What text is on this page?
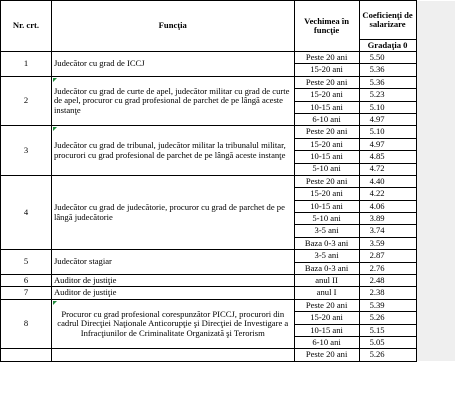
Nr. crt.	Funcţia	Vechimea în funcţie	Coeficienţi de salarizare	
			Gradaţia 0	
1	Judecător cu grad de ICCJ	Peste 20 ani	5.50	
		15-20 ani	5.36	
2	Judecător cu grad de curte de apel, judecător militar cu grad de curte de apel, procuror cu grad profesional de parchet de pe lângă aceste instanţe	Peste 20 ani	5.36	
		15-20 ani	5.23	
		10-15 ani	5.10	
		6-10 ani	4.97	
3	Judecător cu grad de tribunal, judecător militar la tribunalul militar, procurori cu grad profesional de parchet de pe lângă aceste instanţe	Peste 20 ani	5.10	
		15-20 ani	4.97	
		10-15 ani	4.85	
		5-10 ani	4.72	
4	Judecător cu grad de judecătorie, procuror cu grad de parchet de pe lângă judecătorie	Peste 20 ani	4.40	
		15-20 ani	4.22	
		10-15 ani	4.06	
		5-10 ani	3.89	
		3-5 ani	3.74	
		Baza 0-3 ani	3.59	
5	Judecător stagiar	3-5 ani	2.87	
		Baza 0-3 ani	2.76	
6	Auditor de justiţie	anul II	2.48	
7	Auditor de justiţie	anul I	2.38	
8	Procuror cu grad profesional corespunzător PICCJ, procurori din cadrul Direcţiei Naţionale Anticorupţie şi Direcţiei de Investigare a Infracţiunilor de Criminalitate Organizată şi Terorism	Peste 20 ani	5.39	
		15-20 ani	5.26	
		10-15 ani	5.15	
		6-10 ani	5.05	
		Peste 20 ani	5.26	
